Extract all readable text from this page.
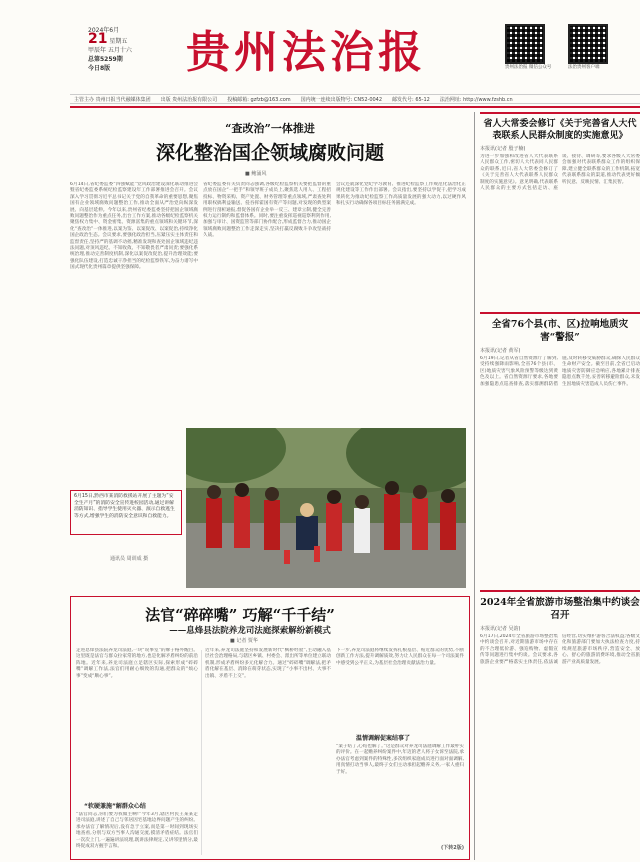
2024年6月
21 星期五
甲辰年 五月十六
总第5259期
今日8版	贵州法治报	贵州法治报 微信公众号	法治贵州客户端
主管主办 贵州日报当代融媒体集团 出版 贵州法治报有限公司 投稿邮箱: gzfzb@163.com 国内统一连续出版物号: CN52-0042 邮发代号: 65-12 法治网址: http://www.fzshb.cn
“查改治”一体推进
深化整治国企领域腐败问题
■ 鲍涌风
6月14日,省纪委监委“四强赋能”党风政治建设深化联动推进会暨省纪委监委系统纪检监察建设年工作部署推进会召开。会议深入学习贯彻习近平总书记关于党的自我革命的重要思想,聚焦国有企业领域腐败问题整治工作,推动全面从严治党向纵深发展、向基层延伸。今年以来,贵州省纪委监委坚持把国企领域腐败问题整治作为重点任务,出台工作方案,推动各级纪检监察机关聚焦权力集中、资金密集、资源富集的重点领域和关键环节,深化“查改治”一体推进,以案为鉴、以案促改、以案促治,持续净化国企政治生态。会议要求,要强化政治担当,压紧压实主体责任和监督责任,坚持严的基调不动摇,精准发现和查处国企领域违纪违法问题,对顶风违纪、不知收敛、不知敬畏者严肃问责;要强化系统治理,推动完善制度机制,深化以案促改促治,提升治理效能;要强化队伍建设,打造忠诚干净担当的纪检监察铁军,为奋力谱写中国式现代化贵州篇章提供坚强保障。
省纪委监委有关负责同志强调,各级纪检监察机关要把监督的重点放在国企“一把手”和领导班子成员上,聚焦选人用人、工程招投标、物资采购、资产处置、财务管理等重点领域,严肃查处利用职权搞利益输送、侵吞挥霍国有资产等问题,对发现的典型案例进行剖析通报,督促各国有企业举一反三、建章立制,健全完善权力运行制约和监督体系。同时,要注重发挥巡视巡察利剑作用,加强与审计、国资监管等部门协作配合,形成监督合力,推动国企领域腐败问题整治工作走深走实,坚决打赢反腐败斗争攻坚战持久战。
会议还就深化党纪学习教育、推进纪检监察工作规范化法治化正规化建设等工作作出部署。会议指出,要坚持以学促干,把学习成果转化为推动纪检监察工作高质量发展的强大动力,以过硬作风和扎实行动确保各项目标任务圆满完成。
6月15日,黔西市某消防救援站开展了主题为“安全生产月”的消防安全宣传进校园活动,通过讲解消防知识、指导学生使用灭火器、演示自救逃生等方式,增强学生的消防安全意识和自救能力。
通讯员 周训成 摄
省人大常委会修订《关于完善省人大代表联系人民群众制度的实施意见》
本报讯(记者 殷子楠)
为进一步加强和改进省人大代表联系人民群众工作,密切人大代表同人民群众的联系,近日,省人大常委会修订了《关于完善省人大代表联系人民群众制度的实施意见》。意见明确,代表联系人民群众的主要方式包括走访、座谈、接待、调研等,要求各级人大常委会加强对代表联系群众工作的组织保障,建立健全联系群众的工作机制,拓宽代表联系群众的渠道,推动代表更好倾听民意、反映民情、汇集民智。
全省76个县(市、区)拉响地质灾害“警报”
本报讯(记者 黄军)
6月19日,记者从省自然资源厅了解到,受持续强降雨影响,全省76个县(市、区)地质灾害气象风险预警等级达到黄色及以上。省自然资源厅要求,各地要加强隐患点巡查排查,落实群测群防措施,及时转移受威胁群众,确保人民群众生命财产安全。截至目前,全省已启动地质灾害防御应急响应,各地累计排查隐患点数千处,妥善转移避险群众,未发生因地质灾害造成人员伤亡事件。
2024年全省旅游市场整治集中约谈会召开
本报讯(记者 吴韵)
6月17日,2024年全省旅游市场整治集中约谈会召开,对近期旅游市场中存在的不合理低价游、强迫购物、虚假宣传等问题进行集中约谈。会议要求,各旅游企业要严格落实主体责任,依法诚信经营,切实维护游客合法权益;各级文化和旅游部门要加大执法检查力度,持续规范旅游市场秩序,营造安全、放心、舒心的旅游消费环境,推动全省旅游产业高质量发展。
法官“碎碎嘴” 巧解“千千结”
——息烽县法院养龙司法庭探索解纷新模式
■ 记者 贾华
走进息烽县法院养龙司法庭,一块“说事室”的牌子格外醒目。这里既是法官与群众拉家常的地方,也是化解矛盾纠纷的前沿阵地。近年来,养龙司法庭立足辖区实际,探索形成“碎碎嘴”调解工作法,法官们用耐心细致的沟通,把群众的“烦心事”变成“顺心事”。
“软硬兼施”解群众心结
“法官同志,你们要为我做主啊!”今年3月,辖区村民王某某走进司法庭,讲述了自己与邻居因宅基地边界问题产生的纠纷。承办法官了解情况后,没有急于立案,而是第一时间到现场实地查看,分别与双方当事人沟通交流,摸清矛盾症结。法官们一次次上门,一遍遍讲法说理,既讲法律规定,又讲邻里情分,最终促成双方握手言和。
近年来,养龙司法庭坚持和发展新时代“枫桥经验”,主动融入基层社会治理格局,与辖区乡镇、村委会、派出所等单位建立联动机制,形成矛盾纠纷多元化解合力。通过“碎碎嘴”调解法,把矛盾化解在基层、消除在萌芽状态,实现了“小事不出村、大事不出镇、矛盾不上交”。
下一步,养龙司法庭将继续发挥扎根基层、贴近群众的优势,不断创新工作方法,提升调解质效,努力让人民群众在每一个司法案件中感受到公平正义,为基层社会治理贡献法治力量。
温情调解促案结事了
“案子结了,心结也解了。”这是群众对养龙司法庭调解工作最朴实的评价。在一起赡养纠纷案件中,年迈的老人将子女诉至法院,承办法官考虑到案件的特殊性,多次组织家庭成员进行面对面调解,用真情打动当事人,最终子女们主动承担起赡养义务,一家人重归于好。
(下转2版)
